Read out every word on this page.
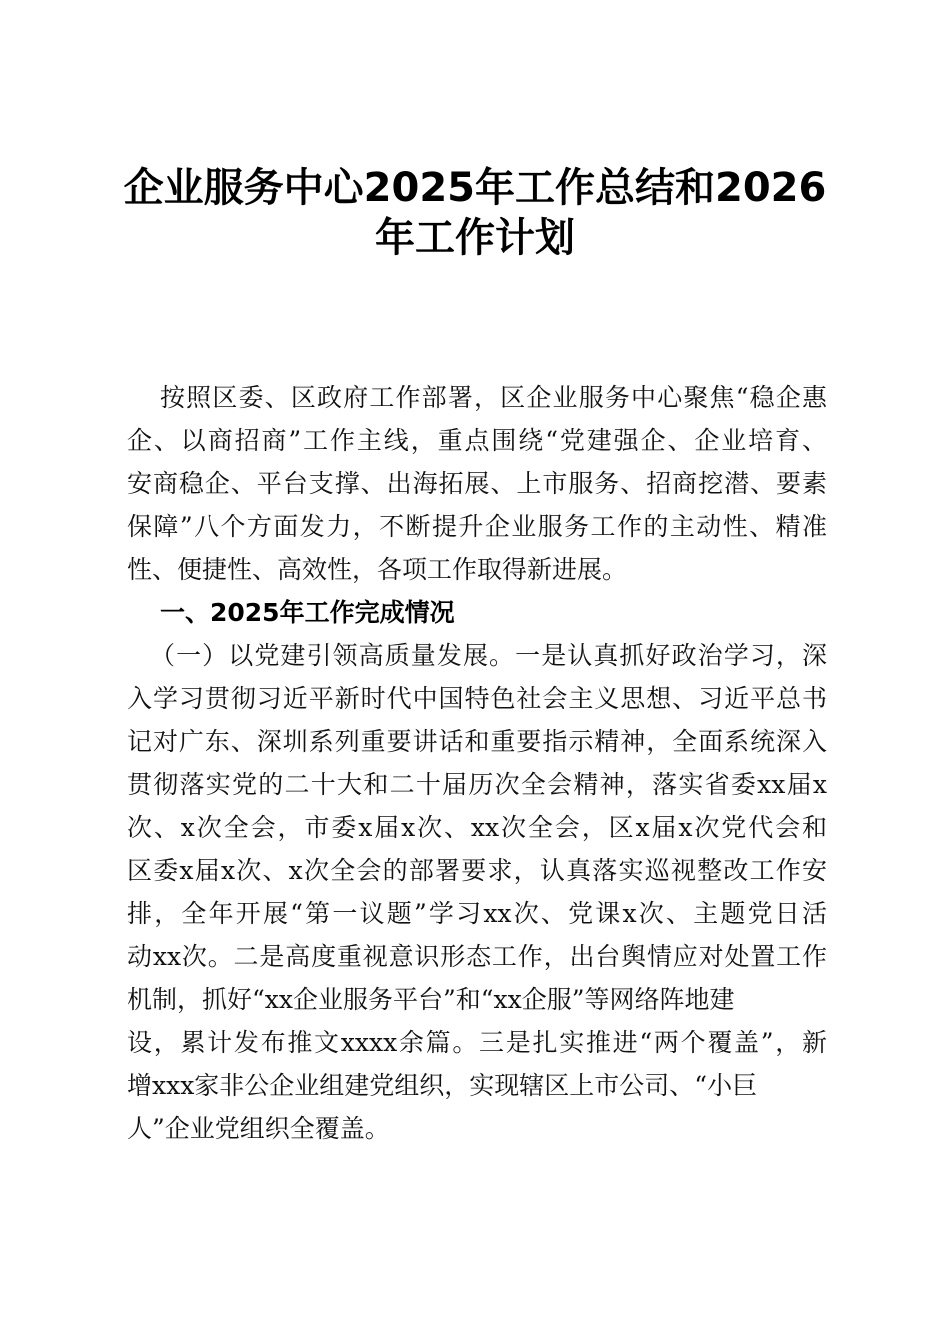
企业服务中心2025年工作总结和2026
年工作计划
按照区委、区政府工作部署，区企业服务中心聚焦“稳企惠
企、以商招商”工作主线，重点围绕“党建强企、企业培育、
安商稳企、平台支撑、出海拓展、上市服务、招商挖潜、要素
保障”八个方面发力，不断提升企业服务工作的主动性、精准
性、便捷性、高效性，各项工作取得新进展。
一、2025年工作完成情况
（一）以党建引领高质量发展。一是认真抓好政治学习，深
入学习贯彻习近平新时代中国特色社会主义思想、习近平总书
记对广东、深圳系列重要讲话和重要指示精神，全面系统深入
贯彻落实党的二十大和二十届历次全会精神，落实省委xx届x
次、x次全会，市委x届x次、xx次全会，区x届x次党代会和
区委x届x次、x次全会的部署要求，认真落实巡视整改工作安
排，全年开展“第一议题”学习xx次、党课x次、主题党日活
动xx次。二是高度重视意识形态工作，出台舆情应对处置工作
机制，抓好“xx企业服务平台”和“xx企服”等网络阵地建
设，累计发布推文xxxx余篇。三是扎实推进“两个覆盖”，新
增xxx家非公企业组建党组织，实现辖区上市公司、“小巨
人”企业党组织全覆盖。
